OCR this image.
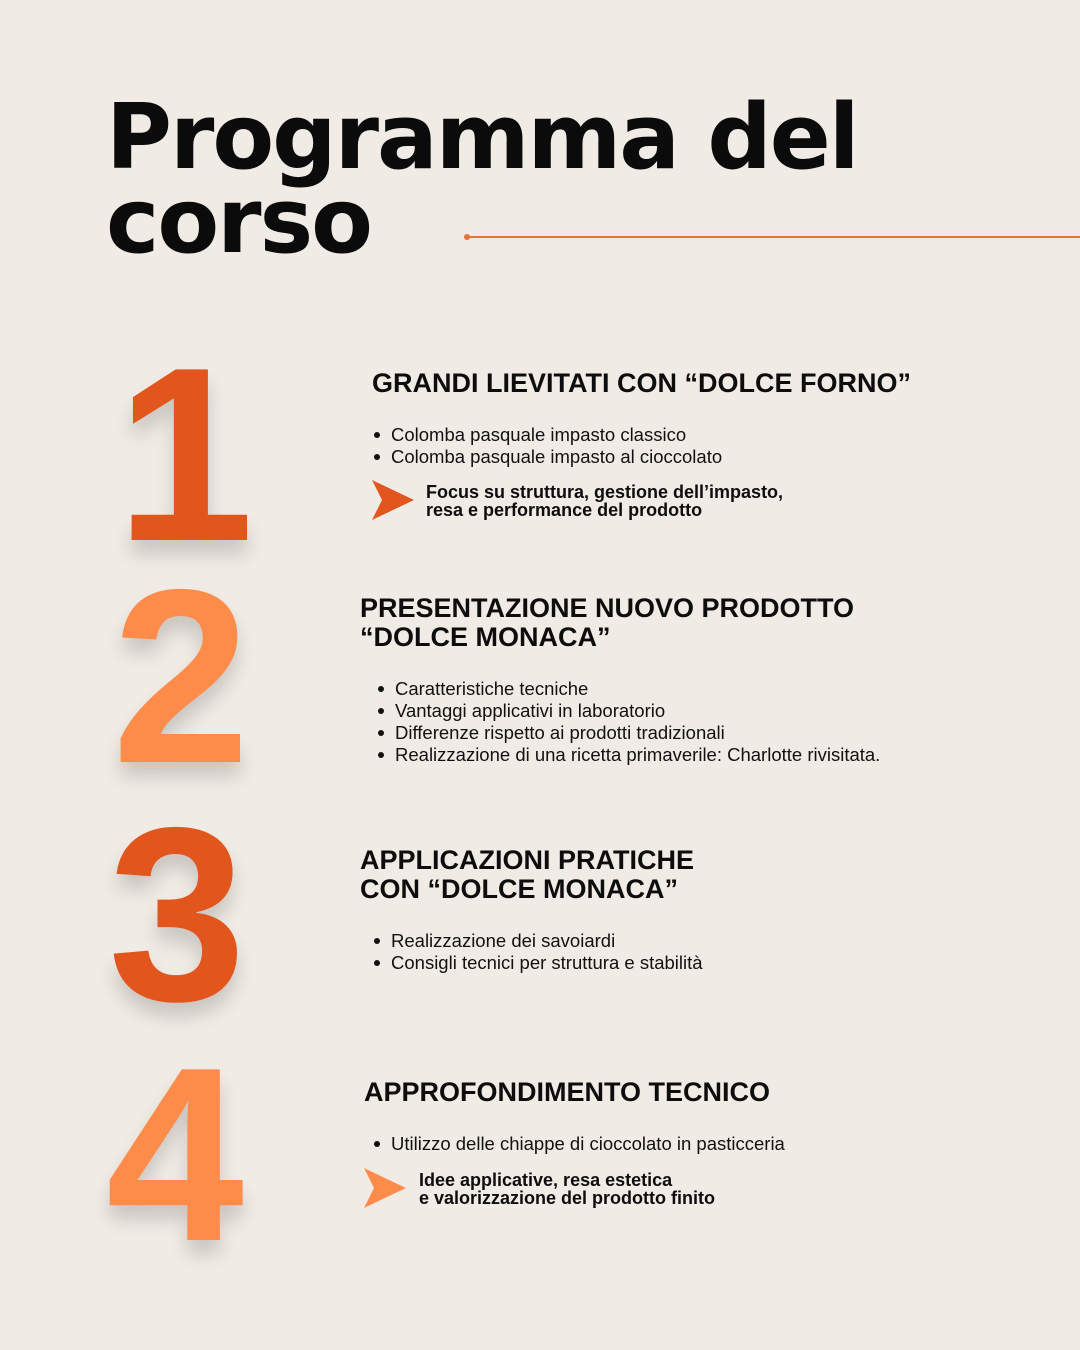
Programma del
corso
1	GRANDI LIEVITATI CON “DOLCE FORNO”
Colomba pasquale impasto classico
Colomba pasquale impasto al cioccolato

Focus su struttura, gestione dell’impasto,
resa e performance del prodotto

2	PRESENTAZIONE NUOVO PRODOTTO
“DOLCE MONACA”
Caratteristiche tecniche
Vantaggi applicativi in laboratorio
Differenze rispetto ai prodotti tradizionali
Realizzazione di una ricetta primaverile: Charlotte rivisitata.
3	APPLICAZIONI PRATICHE
CON “DOLCE MONACA”
Realizzazione dei savoiardi
Consigli tecnici per struttura e stabilità
4	APPROFONDIMENTO TECNICO
Utilizzo delle chiappe di cioccolato in pasticceria

Idee applicative, resa estetica
e valorizzazione del prodotto finito
